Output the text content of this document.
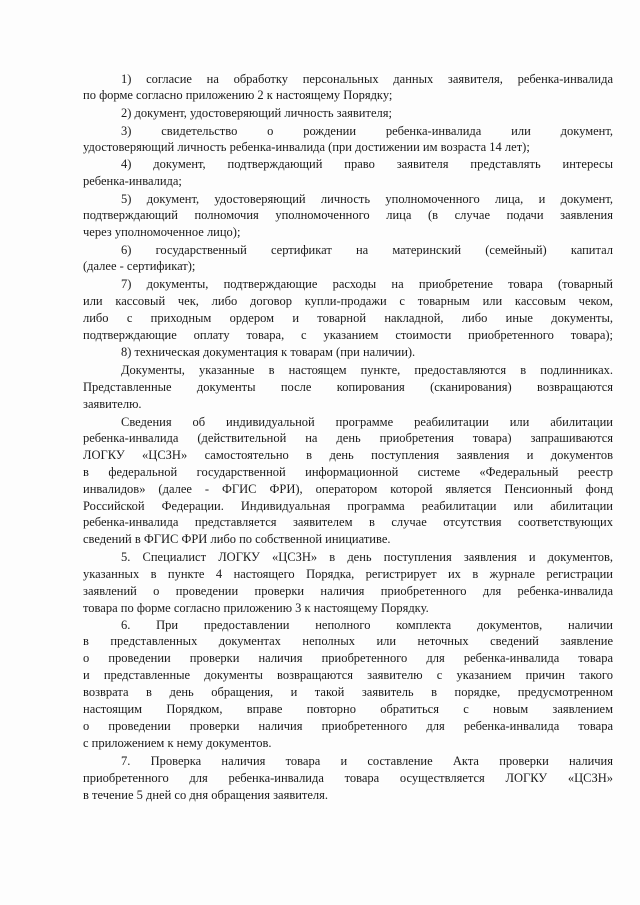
1) согласие на обработку персональных данных заявителя, ребенка-инвалида
по форме согласно приложению 2 к настоящему Порядку;
2) документ, удостоверяющий личность заявителя;
3) свидетельство о рождении ребенка-инвалида или документ,
удостоверяющий личность ребенка-инвалида (при достижении им возраста 14 лет);
4) документ, подтверждающий право заявителя представлять интересы
ребенка-инвалида;
5) документ, удостоверяющий личность уполномоченного лица, и документ,
подтверждающий полномочия уполномоченного лица (в случае подачи заявления
через уполномоченное лицо);
6) государственный сертификат на материнский (семейный) капитал
(далее - сертификат);
7) документы, подтверждающие расходы на приобретение товара (товарный
или кассовый чек, либо договор купли-продажи с товарным или кассовым чеком,
либо с приходным ордером и товарной накладной, либо иные документы,
подтверждающие оплату товара, с указанием стоимости приобретенного товара);
8) техническая документация к товарам (при наличии).
Документы, указанные в настоящем пункте, предоставляются в подлинниках.
Представленные документы после копирования (сканирования) возвращаются
заявителю.
Сведения об индивидуальной программе реабилитации или абилитации
ребенка-инвалида (действительной на день приобретения товара) запрашиваются
ЛОГКУ «ЦСЗН» самостоятельно в день поступления заявления и документов
в федеральной государственной информационной системе «Федеральный реестр
инвалидов» (далее - ФГИС ФРИ), оператором которой является Пенсионный фонд
Российской Федерации. Индивидуальная программа реабилитации или абилитации
ребенка-инвалида представляется заявителем в случае отсутствия соответствующих
сведений в ФГИС ФРИ либо по собственной инициативе.
5. Специалист ЛОГКУ «ЦСЗН» в день поступления заявления и документов,
указанных в пункте 4 настоящего Порядка, регистрирует их в журнале регистрации
заявлений о проведении проверки наличия приобретенного для ребенка-инвалида
товара по форме согласно приложению 3 к настоящему Порядку.
6. При предоставлении неполного комплекта документов, наличии
в представленных документах неполных или неточных сведений заявление
о проведении проверки наличия приобретенного для ребенка-инвалида товара
и представленные документы возвращаются заявителю с указанием причин такого
возврата в день обращения, и такой заявитель в порядке, предусмотренном
настоящим Порядком, вправе повторно обратиться с новым заявлением
о проведении проверки наличия приобретенного для ребенка-инвалида товара
с приложением к нему документов.
7. Проверка наличия товара и составление Акта проверки наличия
приобретенного для ребенка-инвалида товара осуществляется ЛОГКУ «ЦСЗН»
в течение 5 дней со дня обращения заявителя.
